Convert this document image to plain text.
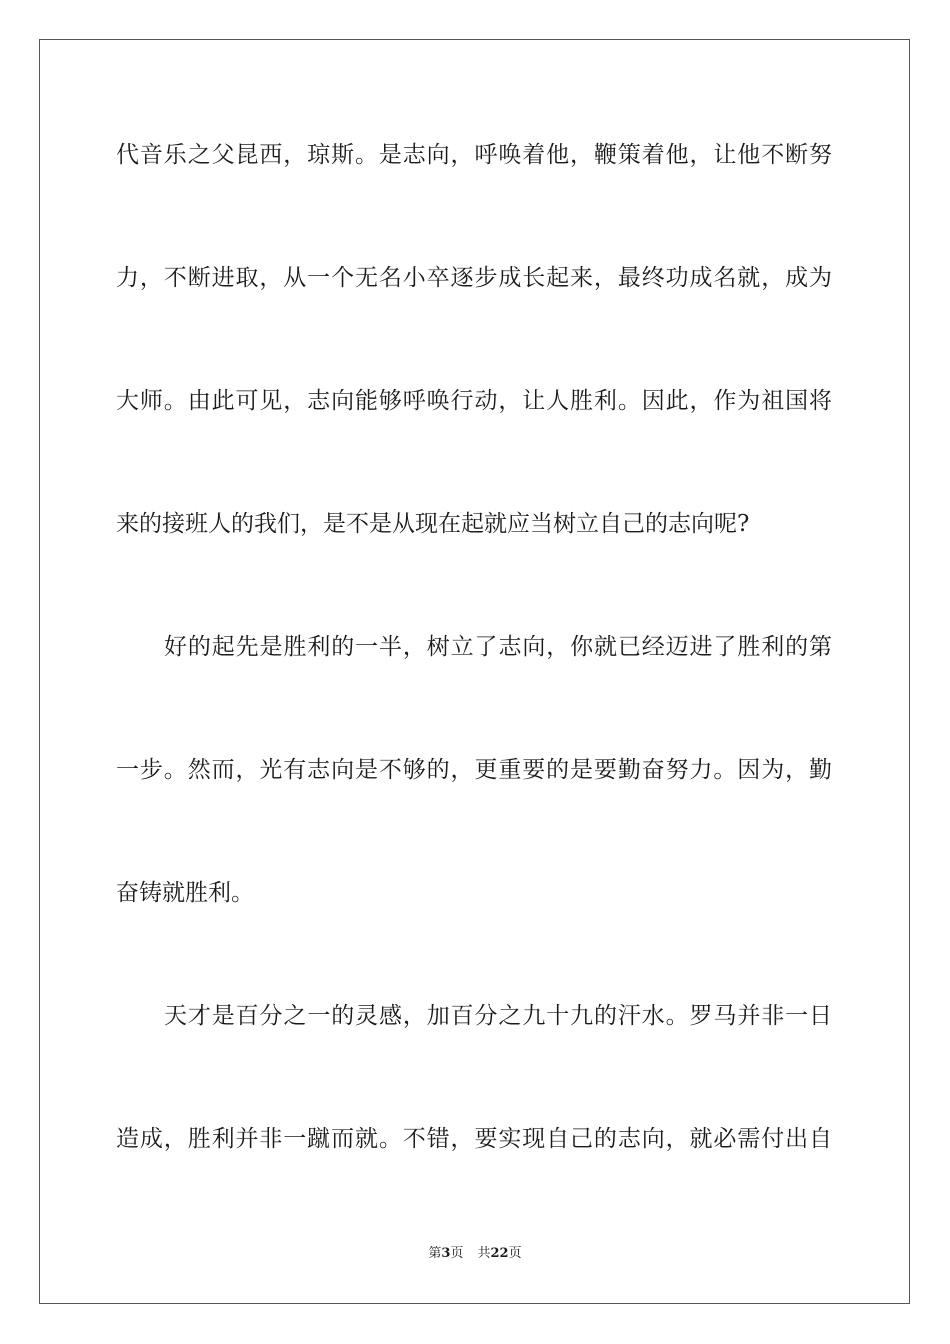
代音乐之父昆西，琼斯。是志向，呼唤着他，鞭策着他，让他不断努
力，不断进取，从一个无名小卒逐步成长起来，最终功成名就，成为
大师。由此可见，志向能够呼唤行动，让人胜利。因此，作为祖国将
来的接班人的我们，是不是从现在起就应当树立自己的志向呢?
好的起先是胜利的一半，树立了志向，你就已经迈进了胜利的第
一步。然而，光有志向是不够的，更重要的是要勤奋努力。因为，勤
奋铸就胜利。
天才是百分之一的灵感，加百分之九十九的汗水。罗马并非一日
造成，胜利并非一蹴而就。不错，要实现自己的志向，就必需付出自
第3页 共22页
